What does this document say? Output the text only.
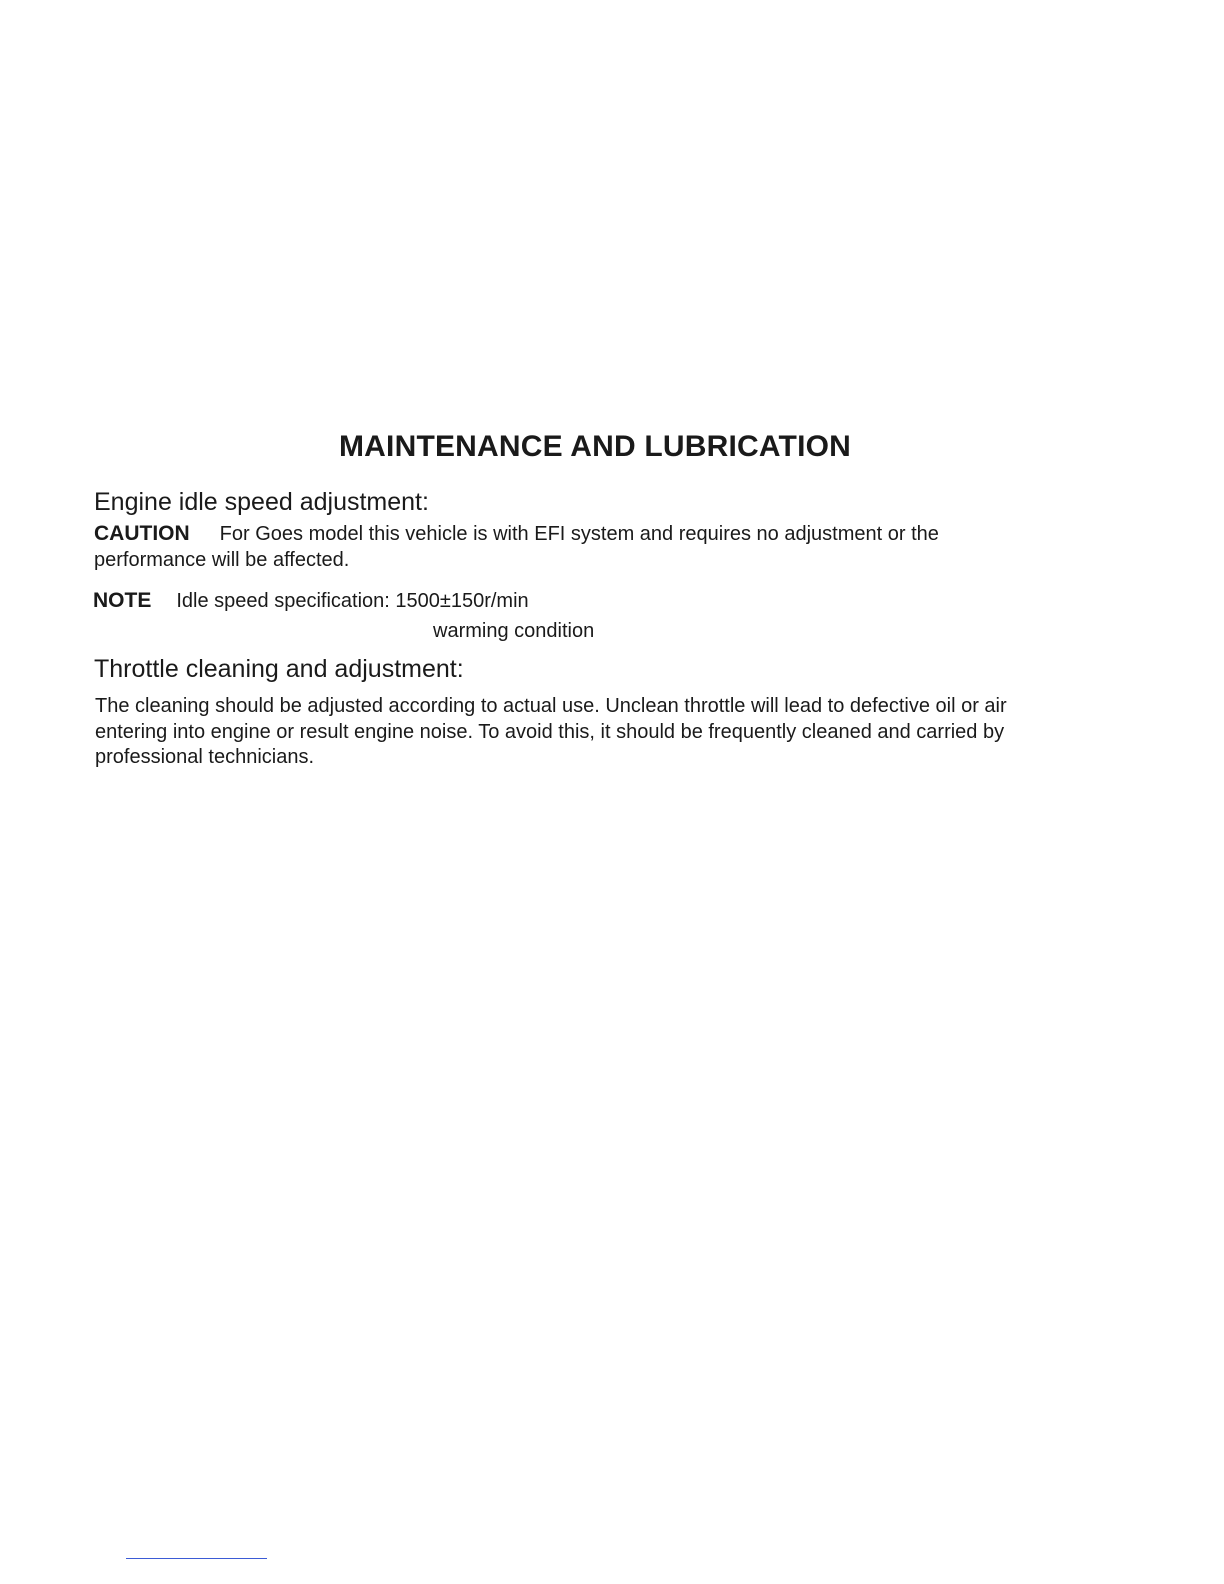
MAINTENANCE AND LUBRICATION
Engine idle speed adjustment:
CAUTION For Goes model this vehicle is with EFI system and requires no adjustment or the performance will be affected.
NOTE Idle speed specification: 1500±150r/min
warming condition
Throttle cleaning and adjustment:
The cleaning should be adjusted according to actual use. Unclean throttle will lead to defective oil or air entering into engine or result engine noise. To avoid this, it should be frequently cleaned and carried by professional technicians.
